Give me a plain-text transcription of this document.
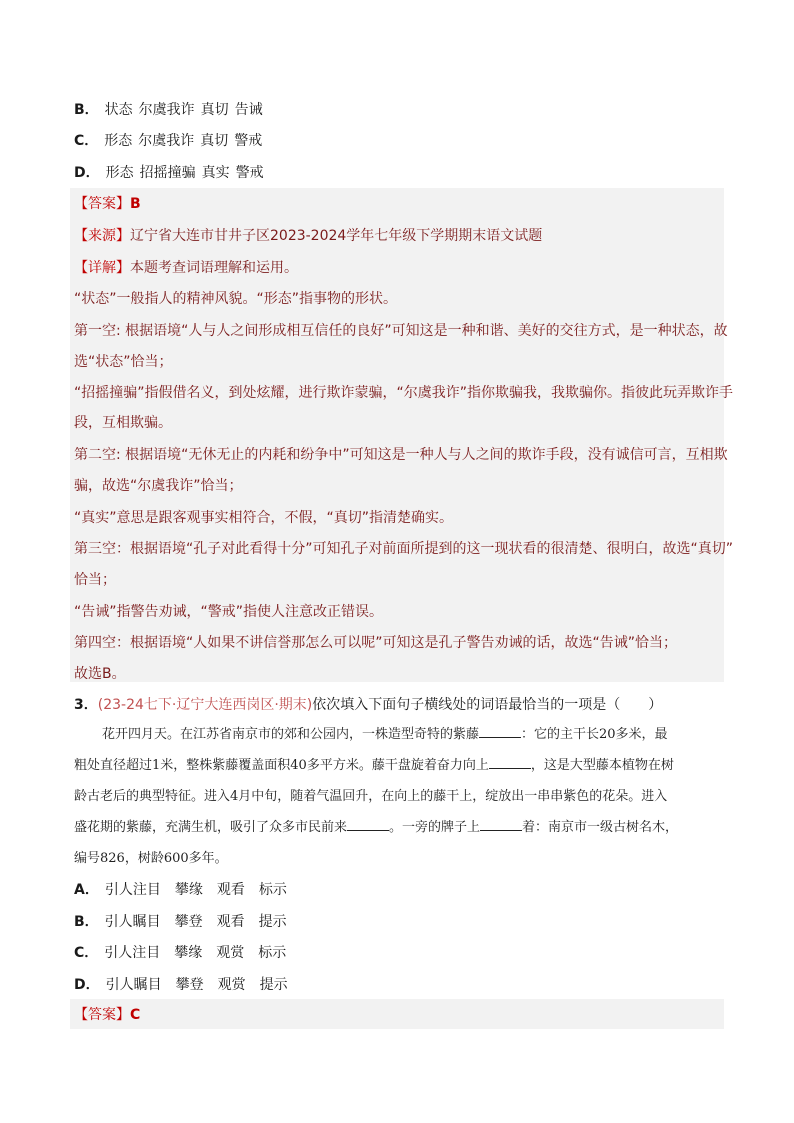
B． 状态 尔虞我诈 真切 告诫
C． 形态 尔虞我诈 真切 警戒
D． 形态 招摇撞骗 真实 警戒
【答案】B
【来源】辽宁省大连市甘井子区2023-2024学年七年级下学期期末语文试题
【详解】本题考查词语理解和运用。
“状态”一般指人的精神风貌。“形态”指事物的形状。
第一空: 根据语境“人与人之间形成相互信任的良好”可知这是一种和谐、美好的交往方式，是一种状态，故
选“状态”恰当；
“招摇撞骗”指假借名义，到处炫耀，进行欺诈蒙骗，“尔虞我诈”指你欺骗我，我欺骗你。指彼此玩弄欺诈手
段，互相欺骗。
第二空: 根据语境“无休无止的内耗和纷争中”可知这是一种人与人之间的欺诈手段，没有诚信可言，互相欺
骗，故选“尔虞我诈”恰当；
“真实”意思是跟客观事实相符合，不假，“真切”指清楚确实。
第三空：根据语境“孔子对此看得十分”可知孔子对前面所提到的这一现状看的很清楚、很明白，故选“真切”
恰当；
“告诫”指警告劝诫，“警戒”指使人注意改正错误。
第四空：根据语境“人如果不讲信誉那怎么可以呢”可知这是孔子警告劝诫的话，故选“告诫”恰当；
故选B。
3．(23-24七下·辽宁大连西岗区·期末)依次填入下面句子横线处的词语最恰当的一项是（　　）
花开四月天。在江苏省南京市的郊和公园内，一株造型奇特的紫藤	：它的主干长20多米，最
粗处直径超过1米，整株紫藤覆盖面积40多平方米。藤干盘旋着奋力向上	，这是大型藤本植物在树
龄古老后的典型特征。进入4月中旬，随着气温回升，在向上的藤干上，绽放出一串串紫色的花朵。进入
盛花期的紫藤，充满生机，吸引了众多市民前来	。一旁的牌子上	着：南京市一级古树名木，
编号826，树龄600多年。
A． 引人注目 攀缘 观看 标示
B． 引人瞩目 攀登 观看 提示
C． 引人注目 攀缘 观赏 标示
D． 引人瞩目 攀登 观赏 提示
【答案】C
